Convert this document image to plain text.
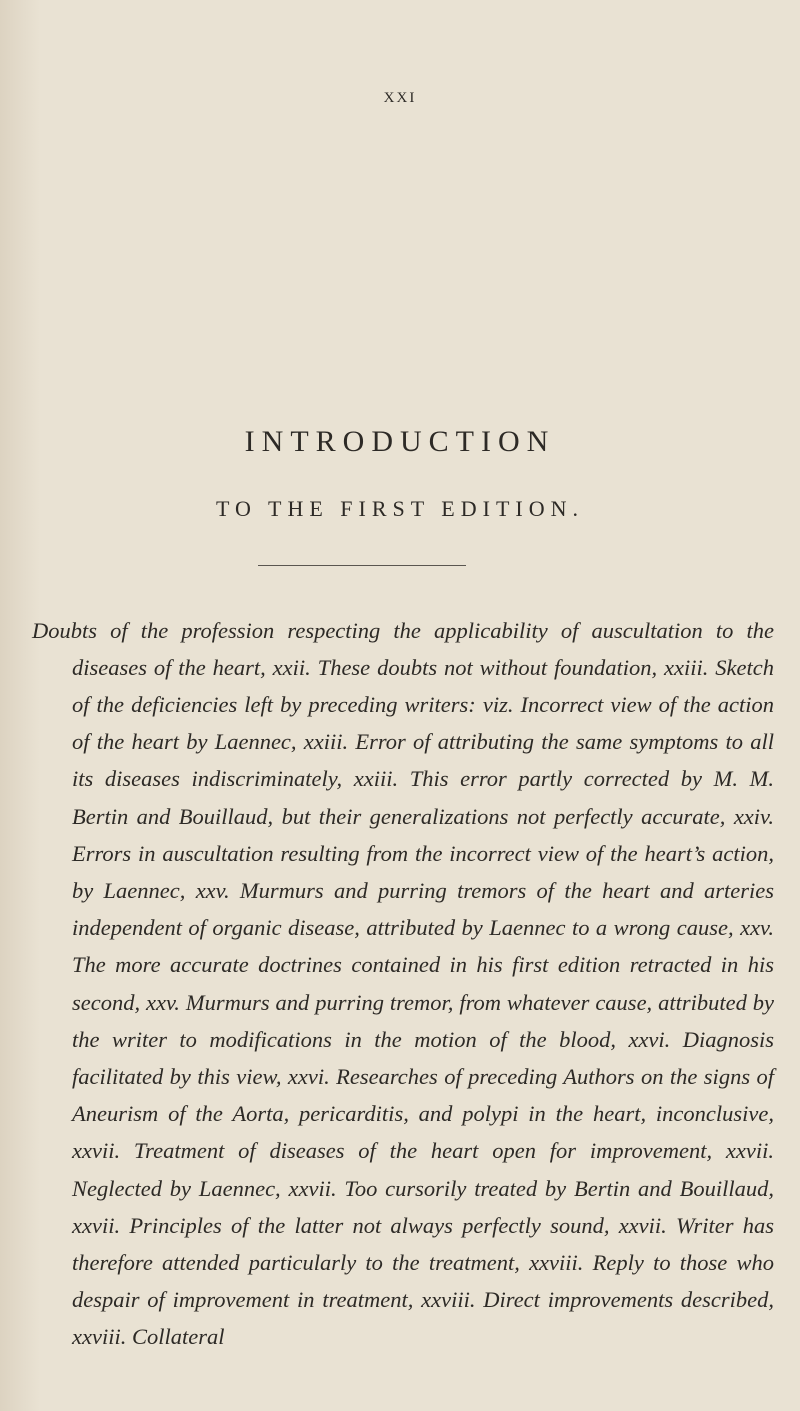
xxi
INTRODUCTION
TO THE FIRST EDITION.

Doubts of the profession respecting the applicability of auscultation to the diseases of the heart, xxii. These doubts not without foundation, xxiii. Sketch of the deficiencies left by preceding writers: viz. Incorrect view of the action of the heart by Laennec, xxiii. Error of attributing the same symptoms to all its diseases indiscriminately, xxiii. This error partly corrected by M. M. Bertin and Bouillaud, but their generalizations not perfectly accurate, xxiv. Errors in auscultation resulting from the incorrect view of the heart’s action, by Laennec, xxv. Murmurs and purring tremors of the heart and arteries independent of organic disease, attributed by Laennec to a wrong cause, xxv. The more accurate doctrines contained in his first edition retracted in his second, xxv. Murmurs and purring tremor, from whatever cause, attributed by the writer to modifications in the motion of the blood, xxvi. Diagnosis facilitated by this view, xxvi. Researches of preceding Authors on the signs of Aneurism of the Aorta, pericarditis, and polypi in the heart, inconclusive, xxvii. Treatment of diseases of the heart open for improvement, xxvii. Neglected by Laennec, xxvii. Too cursorily treated by Bertin and Bouillaud, xxvii. Principles of the latter not always perfectly sound, xxvii. Writer has therefore attended particularly to the treatment, xxviii. Reply to those who despair of improvement in treatment, xxviii. Direct improvements described, xxviii. Collateral
